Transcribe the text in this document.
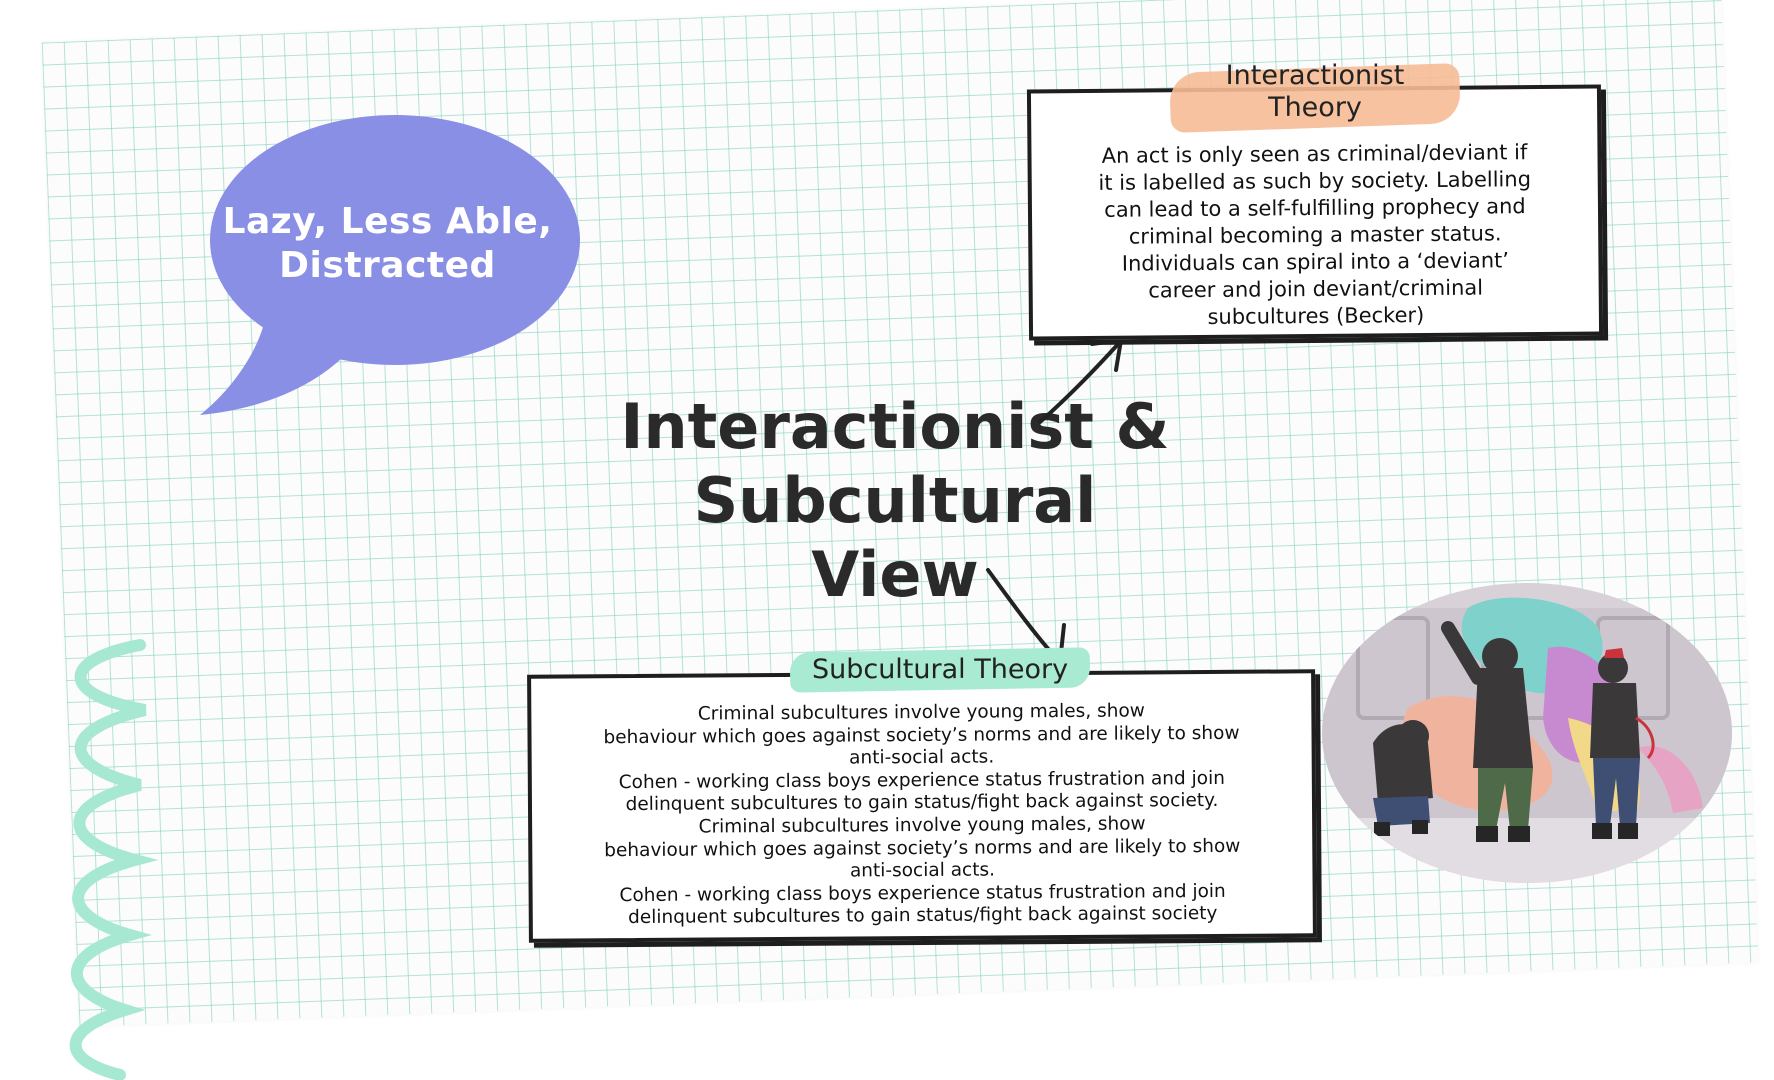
Lazy, Less Able, Distracted
Interactionist &
Subcultural
View
An act is only seen as criminal/deviant if
it is labelled as such by society. Labelling
can lead to a self-fulfilling prophecy and
criminal becoming a master status.
Individuals can spiral into a ‘deviant’
career and join deviant/criminal
subcultures (Becker)
Interactionist
Theory
Criminal subcultures involve young males, show
behaviour which goes against society’s norms and are likely to show
anti-social acts.
Cohen - working class boys experience status frustration and join
delinquent subcultures to gain status/fight back against society.
Criminal subcultures involve young males, show
behaviour which goes against society’s norms and are likely to show
anti-social acts.
Cohen - working class boys experience status frustration and join
delinquent subcultures to gain status/fight back against society
Subcultural Theory
